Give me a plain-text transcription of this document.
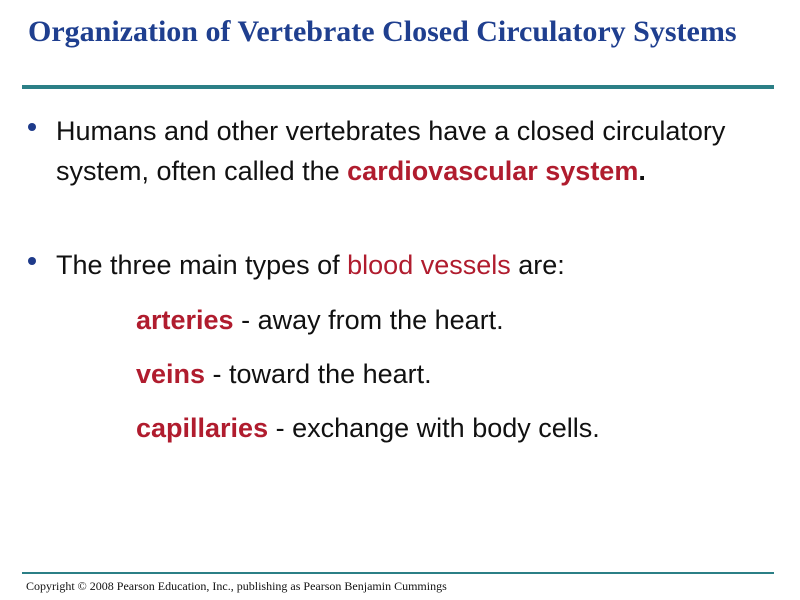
Organization of Vertebrate Closed Circulatory Systems

Humans and other vertebrates have a closed circulatory system, often called the cardiovascular system.

The three main types of blood vessels are:

arteries - away from the heart.

veins - toward the heart.

capillaries - exchange with body cells.

Copyright © 2008 Pearson Education, Inc., publishing as Pearson Benjamin Cummings
